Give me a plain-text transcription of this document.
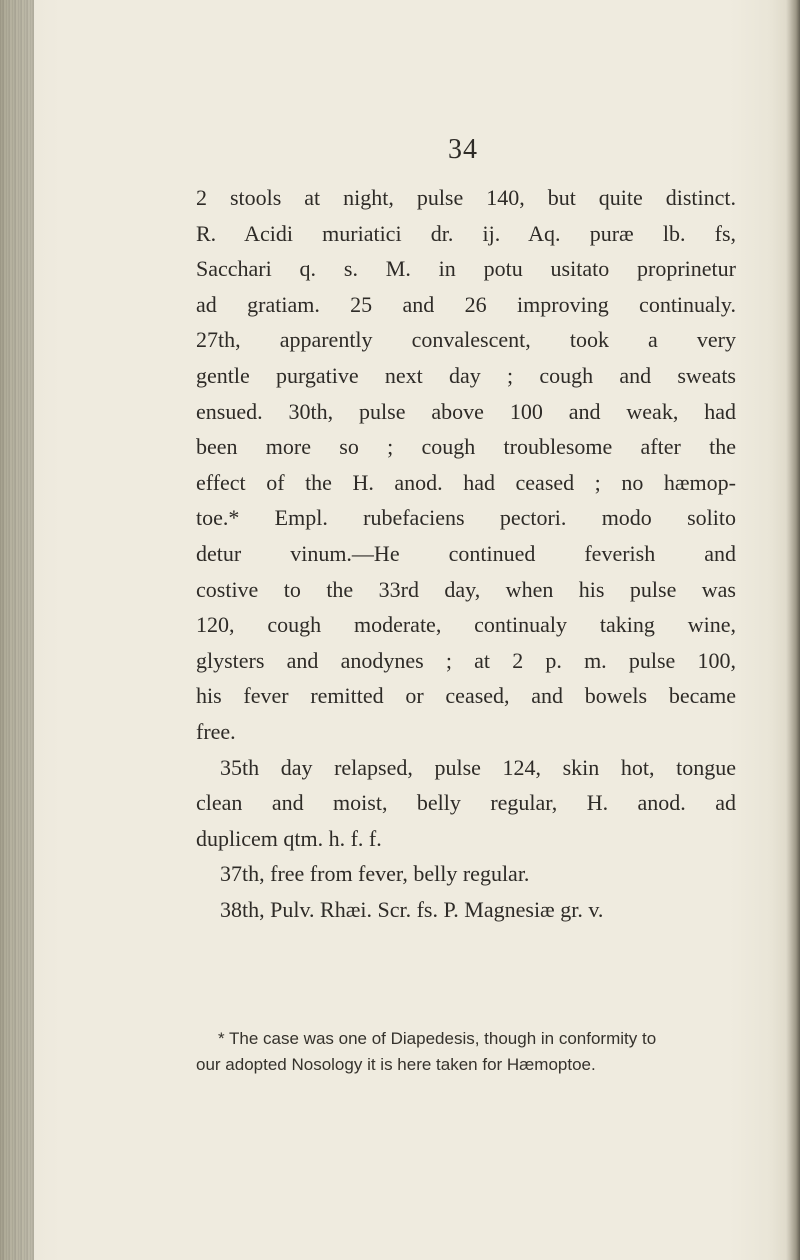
34
2 stools at night, pulse 140, but quite distinct.
R. Acidi muriatici dr. ij. Aq. puræ lb. fs,
Sacchari q. s. M. in potu usitato proprinetur
ad gratiam. 25 and 26 improving continualy.
27th, apparently convalescent, took a very
gentle purgative next day ; cough and sweats
ensued. 30th, pulse above 100 and weak, had
been more so ; cough troublesome after the
effect of the H. anod. had ceased ; no hæmop-
toe.* Empl. rubefaciens pectori. modo solito
detur vinum.—He continued feverish and
costive to the 33rd day, when his pulse was
120, cough moderate, continualy taking wine,
glysters and anodynes ; at 2 p. m. pulse 100,
his fever remitted or ceased, and bowels became
free.
35th day relapsed, pulse 124, skin hot, tongue
clean and moist, belly regular, H. anod. ad
duplicem qtm. h. f. f.
37th, free from fever, belly regular.
38th, Pulv. Rhæi. Scr. fs. P. Magnesiæ gr. v.
* The case was one of Diapedesis, though in conformity to
our adopted Nosology it is here taken for Hæmoptoe.
